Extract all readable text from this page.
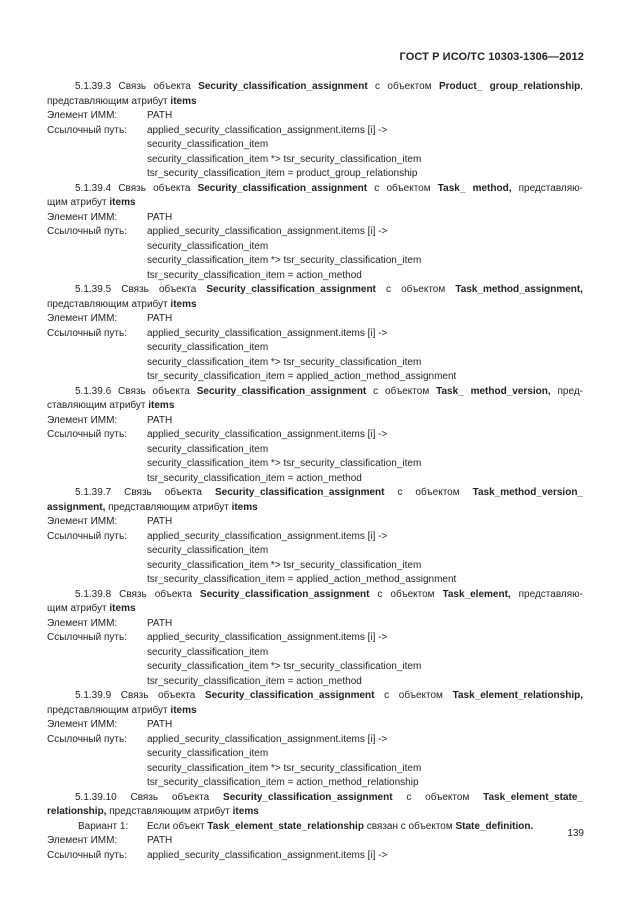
ГОСТ Р ИСО/ТС 10303-1306—2012
5.1.39.3 Связь объекта Security_classification_assignment с объектом Product_ group_relationship,
представляющим атрибут items
Элемент ИММ:	PATH
Ссылочный путь:	applied_security_classification_assignment.items [i] ->
security_classification_item
security_classification_item *> tsr_security_classification_item
tsr_security_classification_item = product_group_relationship
5.1.39.4 Связь объекта Security_classification_assignment с объектом Task_ method, представляю-
щим атрибут items
Элемент ИММ:	PATH
Ссылочный путь:	applied_security_classification_assignment.items [i] ->
security_classification_item
security_classification_item *> tsr_security_classification_item
tsr_security_classification_item = action_method
5.1.39.5 Связь объекта Security_classification_assignment с объектом Task_method_assignment,
представляющим атрибут items
Элемент ИММ:	PATH
Ссылочный путь:	applied_security_classification_assignment.items [i] ->
security_classification_item
security_classification_item *> tsr_security_classification_item
tsr_security_classification_item = applied_action_method_assignment
5.1.39.6 Связь объекта Security_classification_assignment с объектом Task_ method_version, пред-
ставляющим атрибут items
Элемент ИММ:	PATH
Ссылочный путь:	applied_security_classification_assignment.items [i] ->
security_classification_item
security_classification_item *> tsr_security_classification_item
tsr_security_classification_item = action_method
5.1.39.7 Связь объекта Security_classification_assignment с объектом Task_method_version_
assignment, представляющим атрибут items
Элемент ИММ:	PATH
Ссылочный путь:	applied_security_classification_assignment.items [i] ->
security_classification_item
security_classification_item *> tsr_security_classification_item
tsr_security_classification_item = applied_action_method_assignment
5.1.39.8 Связь объекта Security_classification_assignment с объектом Task_element, представляю-
щим атрибут items
Элемент ИММ:	PATH
Ссылочный путь:	applied_security_classification_assignment.items [i] ->
security_classification_item
security_classification_item *> tsr_security_classification_item
tsr_security_classification_item = action_method
5.1.39.9 Связь объекта Security_classification_assignment с объектом Task_element_relationship,
представляющим атрибут items
Элемент ИММ:	PATH
Ссылочный путь:	applied_security_classification_assignment.items [i] ->
security_classification_item
security_classification_item *> tsr_security_classification_item
tsr_security_classification_item = action_method_relationship
5.1.39.10 Связь объекта Security_classification_assignment с объектом Task_element_state_
relationship, представляющим атрибут items
Вариант 1:	Если объект Task_element_state_relationship связан с объектом State_definition.
Элемент ИММ:	PATH
Ссылочный путь:	applied_security_classification_assignment.items [i] ->
139
